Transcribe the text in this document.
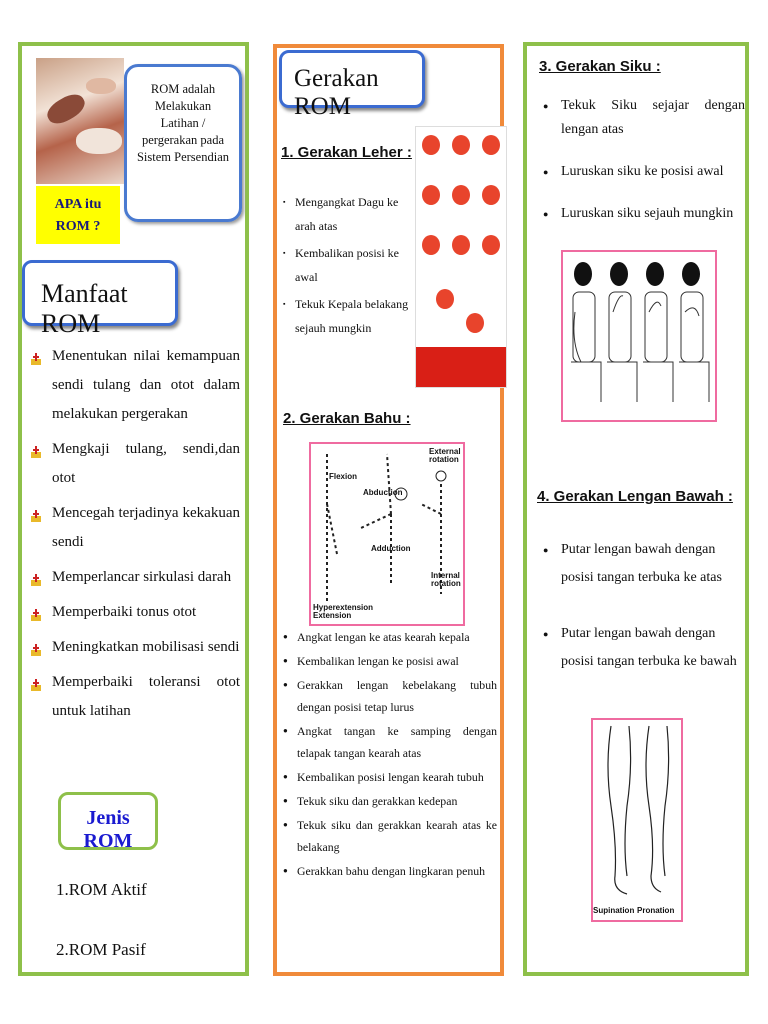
APA itu ROM ?
ROM adalah Melakukan Latihan / pergerakan pada Sistem Persendian
Manfaat ROM
Menentukan nilai kemampuan sendi tulang dan otot dalam melakukan pergerakan
Mengkaji tulang, sendi,dan otot
Mencegah terjadinya kekakuan sendi
Memperlancar sirkulasi darah
Memperbaiki tonus otot
Meningkatkan mobilisasi sendi
Memperbaiki toleransi otot untuk latihan
Jenis ROM
1.ROM Aktif
2.ROM Pasif
Gerakan ROM
1. Gerakan Leher :
▪ Mengangkat Dagu ke arah atas
▪ Kembalikan posisi ke awal
▪ Tekuk Kepala belakang sejauh mungkin
2. Gerakan Bahu :
Flexion
Abduction
Adduction
External rotation
Internal rotation
Hyperextension Extension
● Angkat lengan ke atas kearah kepala
● Kembalikan lengan ke posisi awal
● Gerakkan lengan kebelakang tubuh dengan posisi tetap lurus
● Angkat tangan ke samping dengan telapak tangan kearah atas
● Kembalikan posisi lengan kearah tubuh
● Tekuk siku dan gerakkan kedepan
● Tekuk siku dan gerakkan kearah atas ke belakang
● Gerakkan bahu dengan lingkaran penuh
3. Gerakan Siku :
● Tekuk Siku sejajar dengan lengan atas
● Luruskan siku ke posisi awal
● Luruskan siku sejauh mungkin
4. Gerakan Lengan Bawah :
● Putar lengan bawah dengan posisi tangan terbuka ke atas
● Putar lengan bawah dengan posisi tangan terbuka ke bawah
Supination Pronation
